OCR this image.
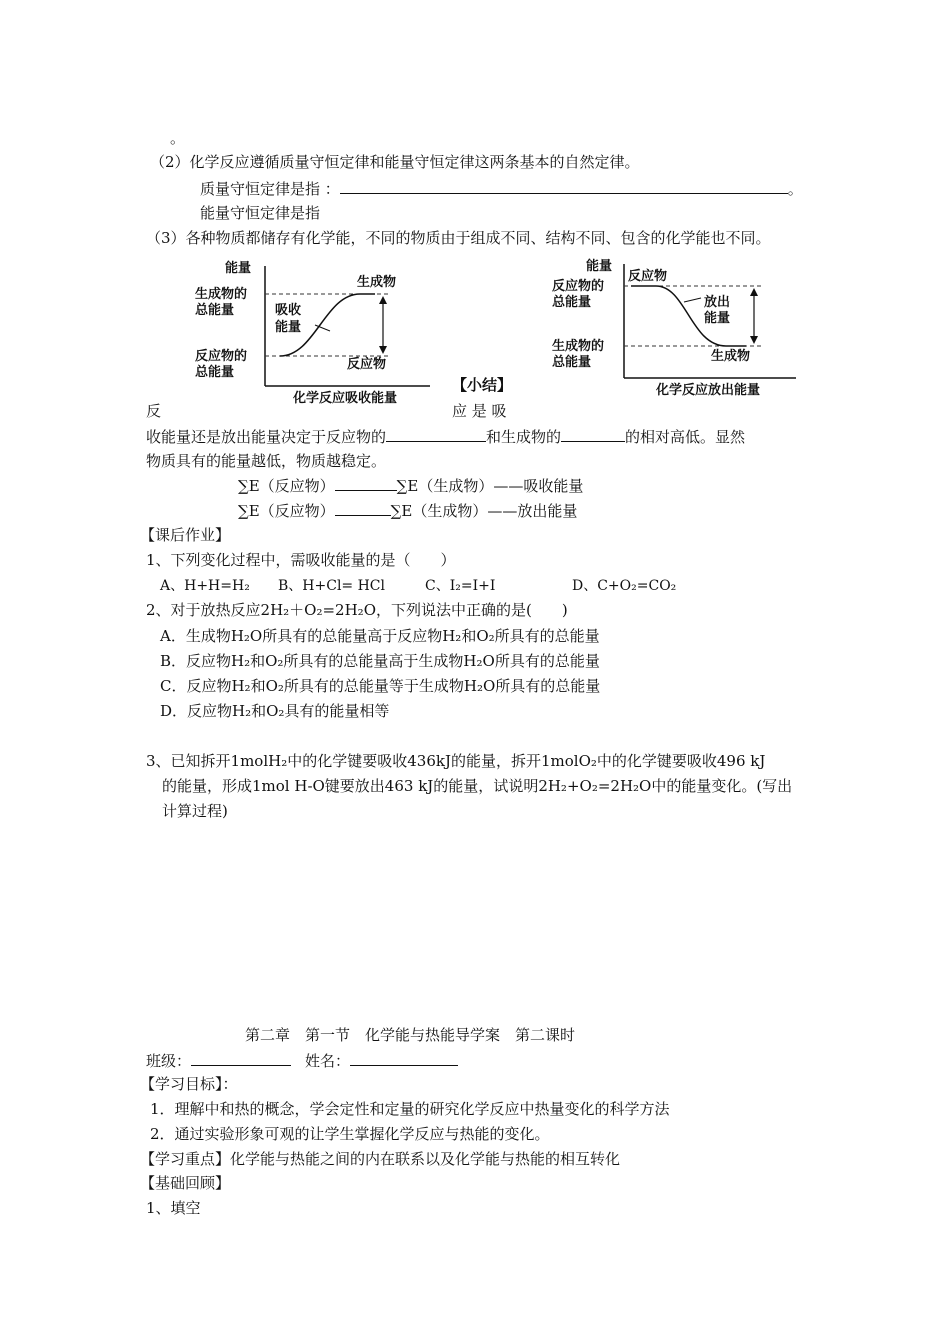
。
（2）化学反应遵循质量守恒定律和能量守恒定律这两条基本的自然定律。
质量守恒定律是指 ：	。
能量守恒定律是指
（3）各种物质都储存有化学能，不同的物质由于组成不同、结构不同、包含的化学能也不同。
能量
生成物的
总能量
反应物的
总能量
吸收
能量
生成物
反应物
化学反应吸收能量
能量
反应物的
总能量
生成物的
总能量
反应物
放出
能量
生成物
化学反应放出能量
【小结】
反	应 是 吸
收能量还是放出能量决定于反应物的	和生成物的	的相对高低。显然
物质具有的能量越低，物质越稳定。
∑E（反应物）	∑E（生成物）——吸收能量
∑E（反应物）	∑E（生成物）——放出能量
【课后作业】
1、下列变化过程中，需吸收能量的是（　　）
A、H+H=H₂ B、H+Cl= HCl	C、I₂=I+I	D、C+O₂=CO₂
2、对于放热反应2H₂＋O₂=2H₂O，下列说法中正确的是(　　)
A．生成物H₂O所具有的总能量高于反应物H₂和O₂所具有的总能量
B．反应物H₂和O₂所具有的总能量高于生成物H₂O所具有的总能量
C．反应物H₂和O₂所具有的总能量等于生成物H₂O所具有的总能量
D．反应物H₂和O₂具有的能量相等
3、已知拆开1molH₂中的化学键要吸收436kJ的能量，拆开1molO₂中的化学键要吸收496 kJ
的能量，形成1mol H-O键要放出463 kJ的能量，试说明2H₂+O₂=2H₂O中的能量变化。(写出
计算过程)
第二章　第一节　化学能与热能导学案　第二课时
班级：	姓名：
【学习目标】：
1．理解中和热的概念，学会定性和定量的研究化学反应中热量变化的科学方法
2．通过实验形象可观的让学生掌握化学反应与热能的变化。
【学习重点】化学能与热能之间的内在联系以及化学能与热能的相互转化
【基础回顾】
1、填空
